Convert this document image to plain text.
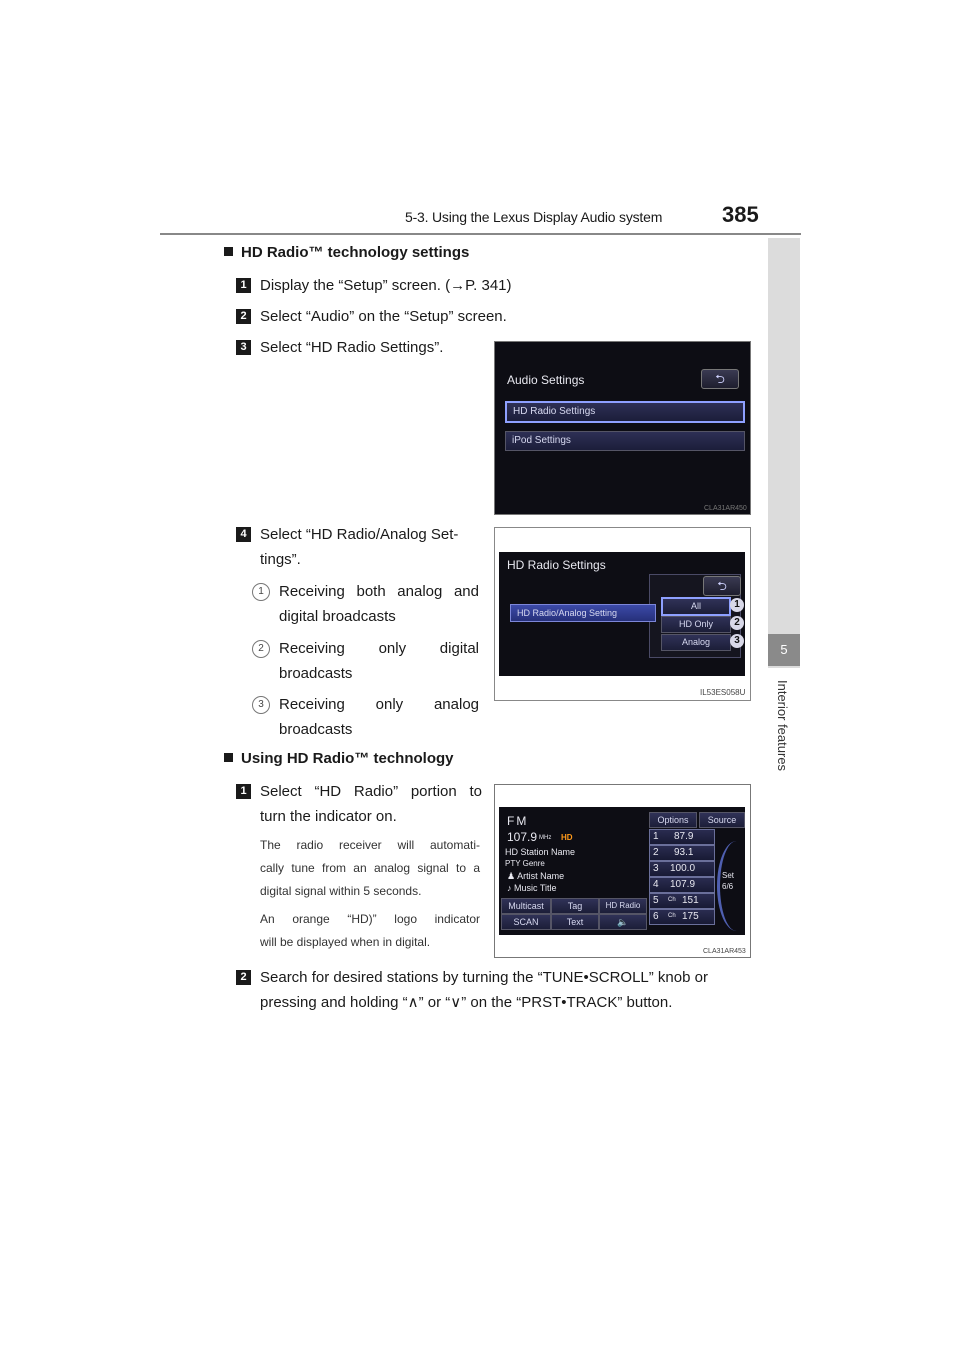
5-3. Using the Lexus Display Audio system	385
5
Interior features
HD Radio™ technology settings
1 Display the “Setup” screen. (→P. 341)
2 Select “Audio” on the “Setup” screen.
3 Select “HD Radio Settings”.
Audio Settings	⮌
HD Radio Settings
iPod Settings
CLA31AR450
4 Select “HD Radio/Analog Set-
tings”.
1	Receiving both analog and
digital broadcasts
2	Receiving only digital
broadcasts
3	Receiving only analog
broadcasts
HD Radio Settings
⮌
HD Radio/Analog Setting
All
HD Only
Analog
1
2
3
IL53ES058U
Using HD Radio™ technology
1 Select “HD Radio” portion to
turn the indicator on.
The radio receiver will automati-
cally tune from an analog signal to a
digital signal within 5 seconds.
An orange “HD)” logo indicator
will be displayed when in digital.
FM
107.9 MHz HD
HD Station Name
PTY Genre
♟ Artist Name
♪ Music Title
Options	Source
Multicast	Tag	HD Radio
SCAN	Text	🔈
1 87.9
2 93.1
3 100.0
4 107.9
5 Ch 151
6 Ch 175
Set
6/6
CLA31AR453
2 Search for desired stations by turning the “TUNE•SCROLL” knob or
pressing and holding “∧” or “∨” on the “PRST•TRACK” button.
